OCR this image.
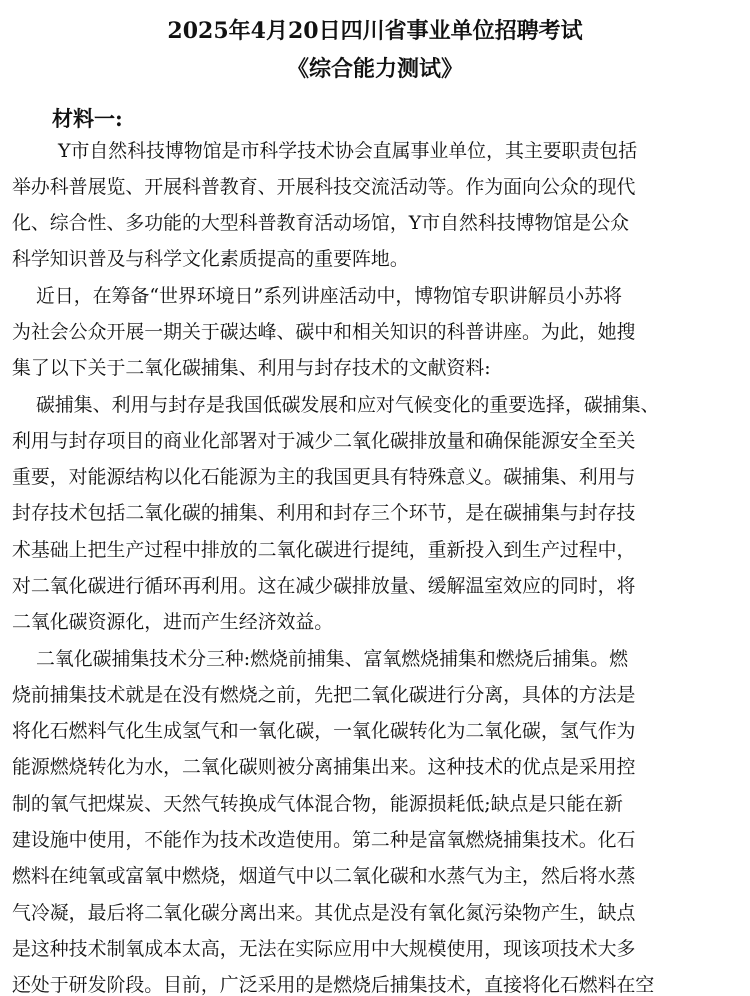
2025年4月20日四川省事业单位招聘考试
《综合能力测试》
材料一:
Y市自然科技博物馆是市科学技术协会直属事业单位，其主要职责包括
举办科普展览、开展科普教育、开展科技交流活动等。作为面向公众的现代
化、综合性、多功能的大型科普教育活动场馆，Y市自然科技博物馆是公众
科学知识普及与科学文化素质提高的重要阵地。
近日，在筹备“世界环境日”系列讲座活动中，博物馆专职讲解员小苏将
为社会公众开展一期关于碳达峰、碳中和相关知识的科普讲座。为此，她搜
集了以下关于二氧化碳捕集、利用与封存技术的文献资料:
碳捕集、利用与封存是我国低碳发展和应对气候变化的重要选择，碳捕集、
利用与封存项目的商业化部署对于减少二氧化碳排放量和确保能源安全至关
重要，对能源结构以化石能源为主的我国更具有特殊意义。碳捕集、利用与
封存技术包括二氧化碳的捕集、利用和封存三个环节，是在碳捕集与封存技
术基础上把生产过程中排放的二氧化碳进行提纯，重新投入到生产过程中，
对二氧化碳进行循环再利用。这在减少碳排放量、缓解温室效应的同时，将
二氧化碳资源化，进而产生经济效益。
二氧化碳捕集技术分三种:燃烧前捕集、富氧燃烧捕集和燃烧后捕集。燃
烧前捕集技术就是在没有燃烧之前，先把二氧化碳进行分离，具体的方法是
将化石燃料气化生成氢气和一氧化碳，一氧化碳转化为二氧化碳，氢气作为
能源燃烧转化为水，二氧化碳则被分离捕集出来。这种技术的优点是采用控
制的氧气把煤炭、天然气转换成气体混合物，能源损耗低;缺点是只能在新
建设施中使用，不能作为技术改造使用。第二种是富氧燃烧捕集技术。化石
燃料在纯氧或富氧中燃烧，烟道气中以二氧化碳和水蒸气为主，然后将水蒸
气冷凝，最后将二氧化碳分离出来。其优点是没有氧化氮污染物产生，缺点
是这种技术制氧成本太高，无法在实际应用中大规模使用，现该项技术大多
还处于研发阶段。目前，广泛采用的是燃烧后捕集技术，直接将化石燃料在空
